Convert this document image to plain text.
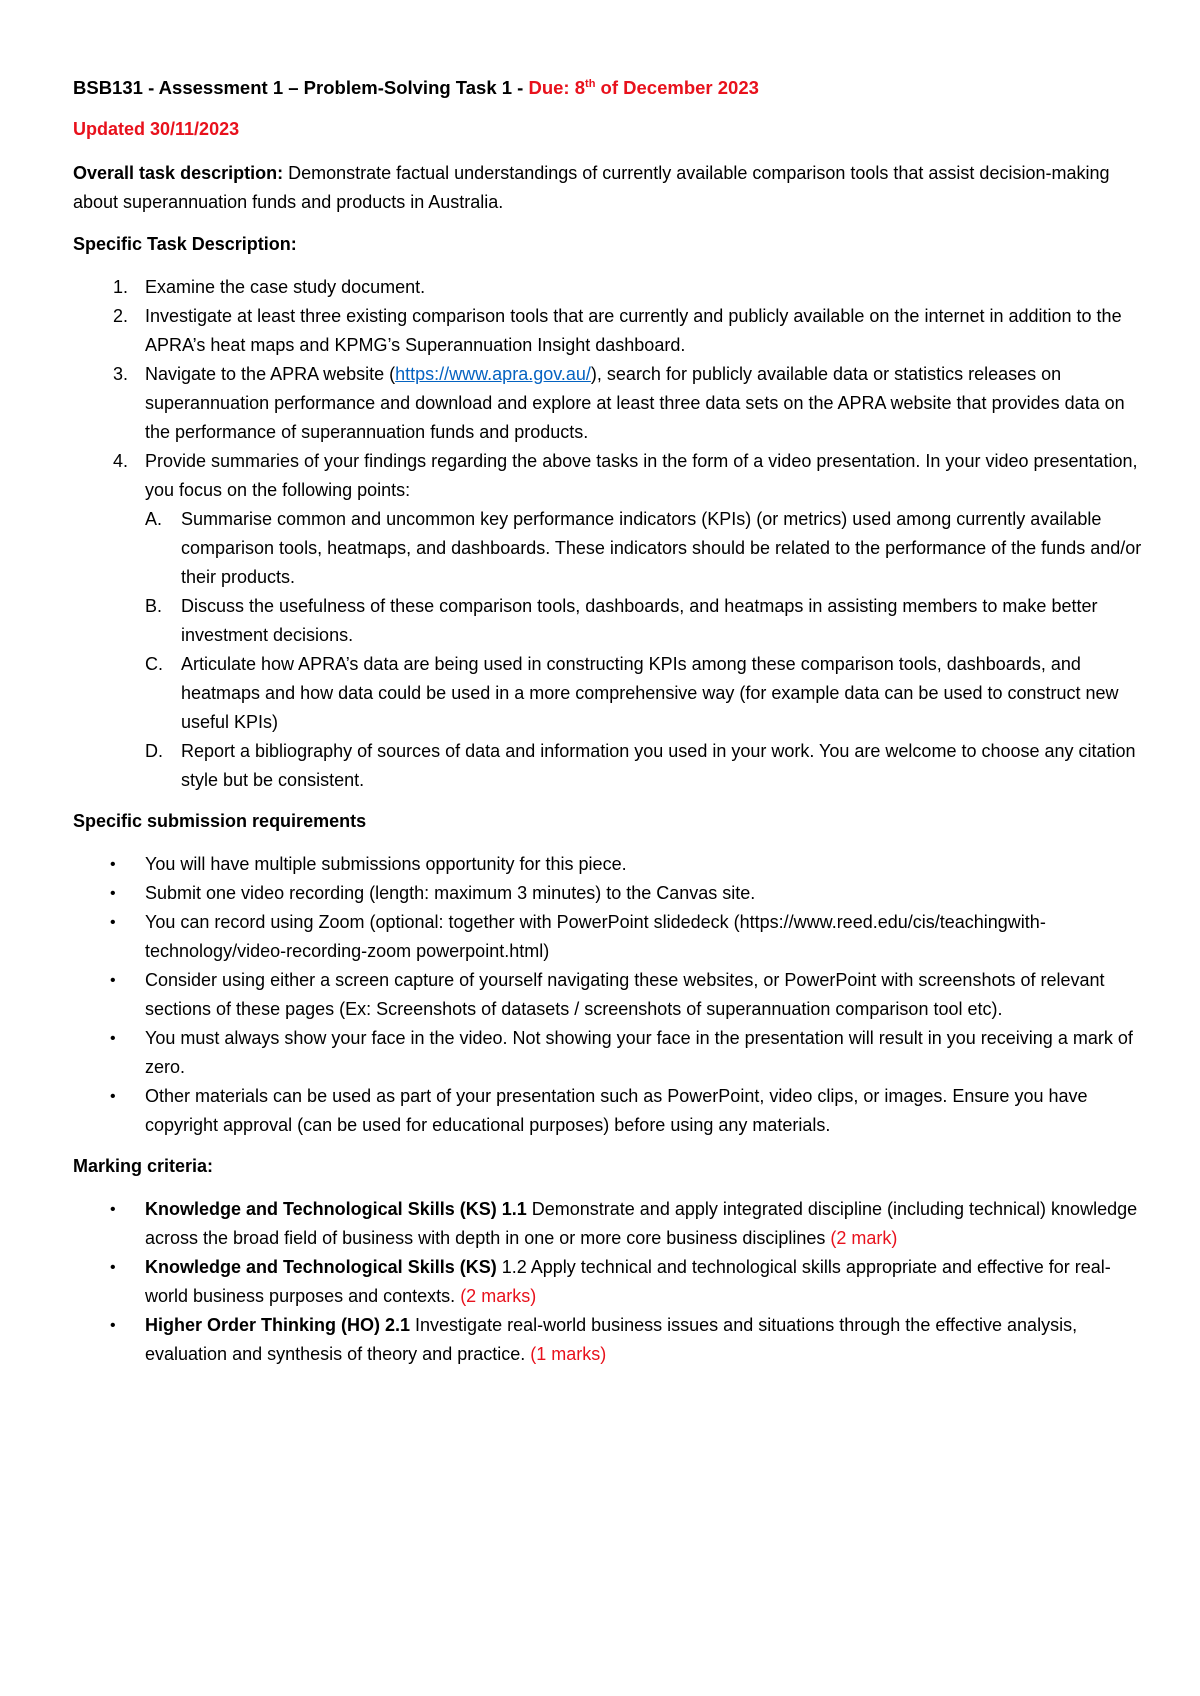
BSB131 - Assessment 1 – Problem-Solving Task 1 - Due: 8th of December 2023
Updated 30/11/2023
Overall task description: Demonstrate factual understandings of currently available comparison tools that assist decision-making about superannuation funds and products in Australia.
Specific Task Description:
1. Examine the case study document.
2. Investigate at least three existing comparison tools that are currently and publicly available on the internet in addition to the APRA’s heat maps and KPMG’s Superannuation Insight dashboard.
3. Navigate to the APRA website (https://www.apra.gov.au/), search for publicly available data or statistics releases on superannuation performance and download and explore at least three data sets on the APRA website that provides data on the performance of superannuation funds and products.
4. Provide summaries of your findings regarding the above tasks in the form of a video presentation. In your video presentation, you focus on the following points:
A. Summarise common and uncommon key performance indicators (KPIs) (or metrics) used among currently available comparison tools, heatmaps, and dashboards. These indicators should be related to the performance of the funds and/or their products.
B. Discuss the usefulness of these comparison tools, dashboards, and heatmaps in assisting members to make better investment decisions.
C. Articulate how APRA’s data are being used in constructing KPIs among these comparison tools, dashboards, and heatmaps and how data could be used in a more comprehensive way (for example data can be used to construct new useful KPIs)
D. Report a bibliography of sources of data and information you used in your work. You are welcome to choose any citation style but be consistent.
Specific submission requirements
• You will have multiple submissions opportunity for this piece.
• Submit one video recording (length: maximum 3 minutes) to the Canvas site.
• You can record using Zoom (optional: together with PowerPoint slidedeck (https://www.reed.edu/cis/teachingwith-technology/video-recording-zoom powerpoint.html)
• Consider using either a screen capture of yourself navigating these websites, or PowerPoint with screenshots of relevant sections of these pages (Ex: Screenshots of datasets / screenshots of superannuation comparison tool etc).
• You must always show your face in the video. Not showing your face in the presentation will result in you receiving a mark of zero.
• Other materials can be used as part of your presentation such as PowerPoint, video clips, or images. Ensure you have copyright approval (can be used for educational purposes) before using any materials.
Marking criteria:
• Knowledge and Technological Skills (KS) 1.1 Demonstrate and apply integrated discipline (including technical) knowledge across the broad field of business with depth in one or more core business disciplines (2 mark)
• Knowledge and Technological Skills (KS) 1.2 Apply technical and technological skills appropriate and effective for real-world business purposes and contexts. (2 marks)
• Higher Order Thinking (HO) 2.1 Investigate real-world business issues and situations through the effective analysis, evaluation and synthesis of theory and practice. (1 marks)
